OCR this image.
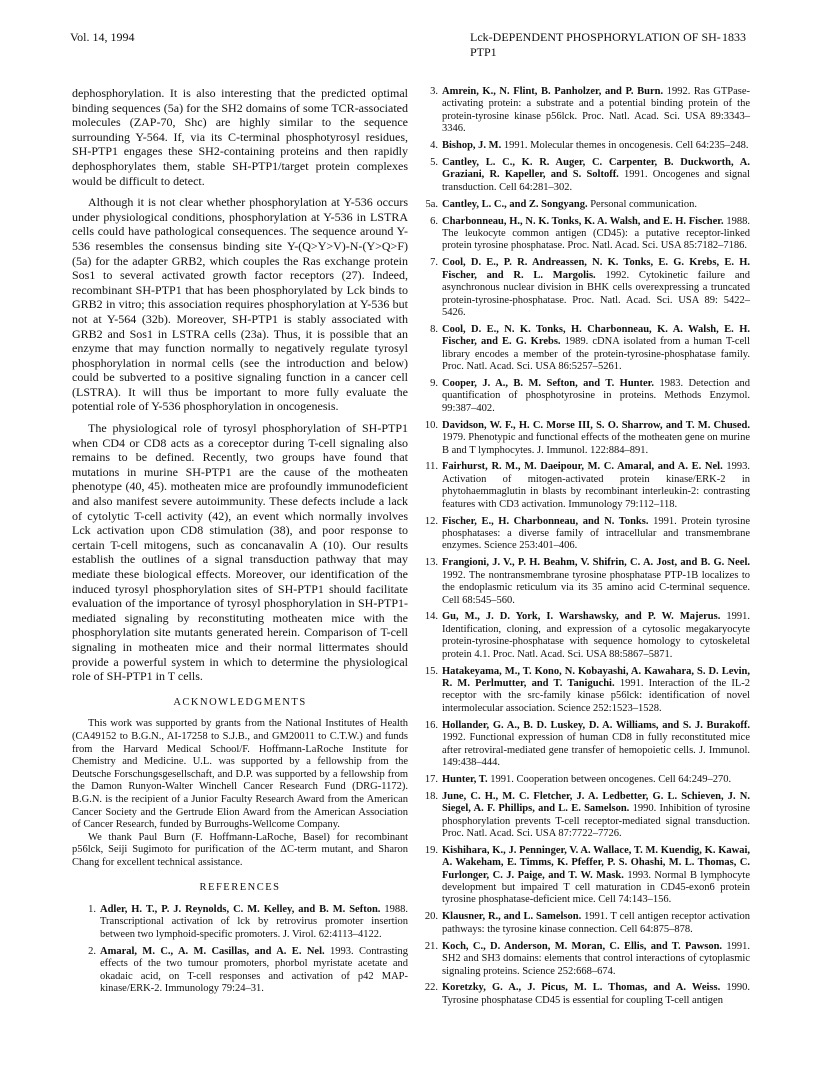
Vol. 14, 1994	Lck-DEPENDENT PHOSPHORYLATION OF SH-PTP1
1833

dephosphorylation. It is also interesting that the predicted optimal binding sequences (5a) for the SH2 domains of some TCR-associated molecules (ZAP-70, Shc) are highly similar to the sequence surrounding Y-564. If, via its C-terminal phosphotyrosyl residues, SH-PTP1 engages these SH2-containing proteins and then rapidly dephosphorylates them, stable SH-PTP1/target protein complexes would be difficult to detect.

Although it is not clear whether phosphorylation at Y-536 occurs under physiological conditions, phosphorylation at Y-536 in LSTRA cells could have pathological consequences. The sequence around Y-536 resembles the consensus binding site Y-(Q>Y>V)-N-(Y>Q>F) (5a) for the adapter GRB2, which couples the Ras exchange protein Sos1 to several activated growth factor receptors (27). Indeed, recombinant SH-PTP1 that has been phosphorylated by Lck binds to GRB2 in vitro; this association requires phosphorylation at Y-536 but not at Y-564 (32b). Moreover, SH-PTP1 is stably associated with GRB2 and Sos1 in LSTRA cells (23a). Thus, it is possible that an enzyme that may function normally to negatively regulate tyrosyl phosphorylation in normal cells (see the introduction and below) could be subverted to a positive signaling function in a cancer cell (LSTRA). It will thus be important to more fully evaluate the potential role of Y-536 phosphorylation in oncogenesis.

The physiological role of tyrosyl phosphorylation of SH-PTP1 when CD4 or CD8 acts as a coreceptor during T-cell signaling also remains to be defined. Recently, two groups have found that mutations in murine SH-PTP1 are the cause of the motheaten phenotype (40, 45). motheaten mice are profoundly immunodeficient and also manifest severe autoimmunity. These defects include a lack of cytolytic T-cell activity (42), an event which normally involves Lck activation upon CD8 stimulation (38), and poor response to certain T-cell mitogens, such as concanavalin A (10). Our results establish the outlines of a signal transduction pathway that may mediate these biological effects. Moreover, our identification of the induced tyrosyl phosphorylation sites of SH-PTP1 should facilitate evaluation of the importance of tyrosyl phosphorylation in SH-PTP1-mediated signaling by reconstituting motheaten mice with the phosphorylation site mutants generated herein. Comparison of T-cell signaling in motheaten mice and their normal littermates should provide a powerful system in which to determine the physiological role of SH-PTP1 in T cells.

ACKNOWLEDGMENTS

This work was supported by grants from the National Institutes of Health (CA49152 to B.G.N., AI-17258 to S.J.B., and GM20011 to C.T.W.) and funds from the Harvard Medical School/F. Hoffmann-LaRoche Institute for Chemistry and Medicine. U.L. was supported by a fellowship from the Deutsche Forschungsgesellschaft, and D.P. was supported by a fellowship from the Damon Runyon-Walter Winchell Cancer Research Fund (DRG-1172). B.G.N. is the recipient of a Junior Faculty Research Award from the American Cancer Society and the Gertrude Elion Award from the American Association of Cancer Research, funded by Burroughs-Wellcome Company.

We thank Paul Burn (F. Hoffmann-LaRoche, Basel) for recombinant p56lck, Seiji Sugimoto for purification of the ΔC-term mutant, and Sharon Chang for excellent technical assistance.

REFERENCES
1. Adler, H. T., P. J. Reynolds, C. M. Kelley, and B. M. Sefton. 1988. Transcriptional activation of lck by retrovirus promoter insertion between two lymphoid-specific promoters. J. Virol. 62:4113–4122.
2. Amaral, M. C., A. M. Casillas, and A. E. Nel. 1993. Contrasting effects of the two tumour promoters, phorbol myristate acetate and okadaic acid, on T-cell responses and activation of p42 MAP-kinase/ERK-2. Immunology 79:24–31.
3. Amrein, K., N. Flint, B. Panholzer, and P. Burn. 1992. Ras GTPase-activating protein: a substrate and a potential binding protein of the protein-tyrosine kinase p56lck. Proc. Natl. Acad. Sci. USA 89:3343–3346.
4. Bishop, J. M. 1991. Molecular themes in oncogenesis. Cell 64:235–248.
5. Cantley, L. C., K. R. Auger, C. Carpenter, B. Duckworth, A. Graziani, R. Kapeller, and S. Soltoff. 1991. Oncogenes and signal transduction. Cell 64:281–302.
5a. Cantley, L. C., and Z. Songyang. Personal communication.
6. Charbonneau, H., N. K. Tonks, K. A. Walsh, and E. H. Fischer. 1988. The leukocyte common antigen (CD45): a putative receptor-linked protein tyrosine phosphatase. Proc. Natl. Acad. Sci. USA 85:7182–7186.
7. Cool, D. E., P. R. Andreassen, N. K. Tonks, E. G. Krebs, E. H. Fischer, and R. L. Margolis. 1992. Cytokinetic failure and asynchronous nuclear division in BHK cells overexpressing a truncated protein-tyrosine-phosphatase. Proc. Natl. Acad. Sci. USA 89: 5422–5426.
8. Cool, D. E., N. K. Tonks, H. Charbonneau, K. A. Walsh, E. H. Fischer, and E. G. Krebs. 1989. cDNA isolated from a human T-cell library encodes a member of the protein-tyrosine-phosphatase family. Proc. Natl. Acad. Sci. USA 86:5257–5261.
9. Cooper, J. A., B. M. Sefton, and T. Hunter. 1983. Detection and quantification of phosphotyrosine in proteins. Methods Enzymol. 99:387–402.
10. Davidson, W. F., H. C. Morse III, S. O. Sharrow, and T. M. Chused. 1979. Phenotypic and functional effects of the motheaten gene on murine B and T lymphocytes. J. Immunol. 122:884–891.
11. Fairhurst, R. M., M. Daeipour, M. C. Amaral, and A. E. Nel. 1993. Activation of mitogen-activated protein kinase/ERK-2 in phytohaemmaglutin in blasts by recombinant interleukin-2: contrasting features with CD3 activation. Immunology 79:112–118.
12. Fischer, E., H. Charbonneau, and N. Tonks. 1991. Protein tyrosine phosphatases: a diverse family of intracellular and transmembrane enzymes. Science 253:401–406.
13. Frangioni, J. V., P. H. Beahm, V. Shifrin, C. A. Jost, and B. G. Neel. 1992. The nontransmembrane tyrosine phosphatase PTP-1B localizes to the endoplasmic reticulum via its 35 amino acid C-terminal sequence. Cell 68:545–560.
14. Gu, M., J. D. York, I. Warshawsky, and P. W. Majerus. 1991. Identification, cloning, and expression of a cytosolic megakaryocyte protein-tyrosine-phosphatase with sequence homology to cytoskeletal protein 4.1. Proc. Natl. Acad. Sci. USA 88:5867–5871.
15. Hatakeyama, M., T. Kono, N. Kobayashi, A. Kawahara, S. D. Levin, R. M. Perlmutter, and T. Taniguchi. 1991. Interaction of the IL-2 receptor with the src-family kinase p56lck: identification of novel intermolecular association. Science 252:1523–1528.
16. Hollander, G. A., B. D. Luskey, D. A. Williams, and S. J. Burakoff. 1992. Functional expression of human CD8 in fully reconstituted mice after retroviral-mediated gene transfer of hemopoietic cells. J. Immunol. 149:438–444.
17. Hunter, T. 1991. Cooperation between oncogenes. Cell 64:249–270.
18. June, C. H., M. C. Fletcher, J. A. Ledbetter, G. L. Schieven, J. N. Siegel, A. F. Phillips, and L. E. Samelson. 1990. Inhibition of tyrosine phosphorylation prevents T-cell receptor-mediated signal transduction. Proc. Natl. Acad. Sci. USA 87:7722–7726.
19. Kishihara, K., J. Penninger, V. A. Wallace, T. M. Kuendig, K. Kawai, A. Wakeham, E. Timms, K. Pfeffer, P. S. Ohashi, M. L. Thomas, C. Furlonger, C. J. Paige, and T. W. Mask. 1993. Normal B lymphocyte development but impaired T cell maturation in CD45-exon6 protein tyrosine phosphatase-deficient mice. Cell 74:143–156.
20. Klausner, R., and L. Samelson. 1991. T cell antigen receptor activation pathways: the tyrosine kinase connection. Cell 64:875–878.
21. Koch, C., D. Anderson, M. Moran, C. Ellis, and T. Pawson. 1991. SH2 and SH3 domains: elements that control interactions of cytoplasmic signaling proteins. Science 252:668–674.
22. Koretzky, G. A., J. Picus, M. L. Thomas, and A. Weiss. 1990. Tyrosine phosphatase CD45 is essential for coupling T-cell antigen
